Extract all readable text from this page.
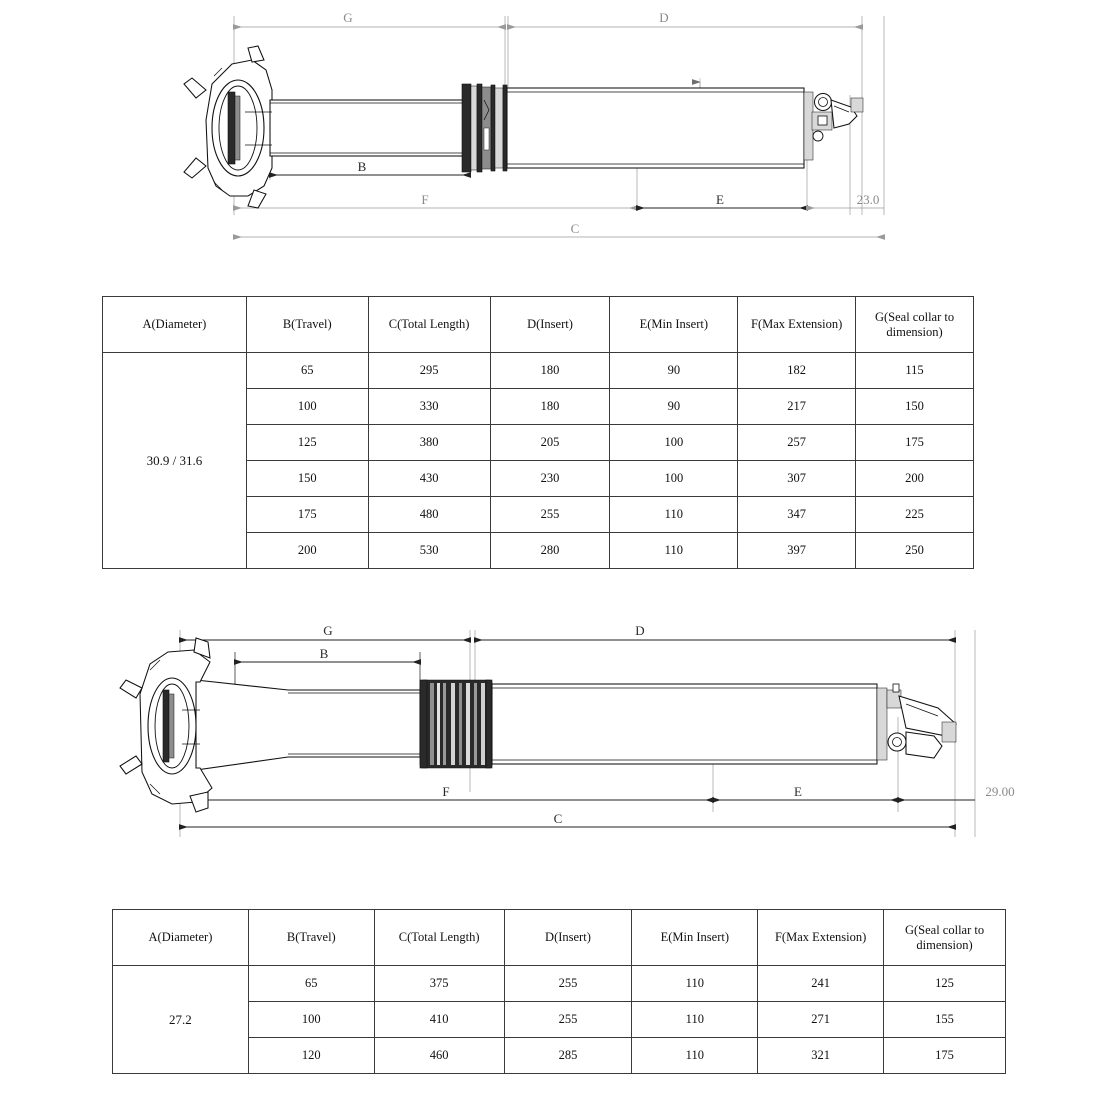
G	D
B
F	E	23.0
C
A(Diameter)	B(Travel)	C(Total Length)	D(Insert)	E(Min Insert)	F(Max Extension)	G(Seal collar to
dimension)
30.9 / 31.6	65	295	180	90	182	115
	100	330	180	90	217	150
	125	380	205	100	257	175
	150	430	230	100	307	200
	175	480	255	110	347	225
	200	530	280	110	397	250
G	D
B
F	E	29.00
C
A(Diameter)	B(Travel)	C(Total Length)	D(Insert)	E(Min Insert)	F(Max Extension)	G(Seal collar to
dimension)
27.2	65	375	255	110	241	125
	100	410	255	110	271	155
	120	460	285	110	321	175
